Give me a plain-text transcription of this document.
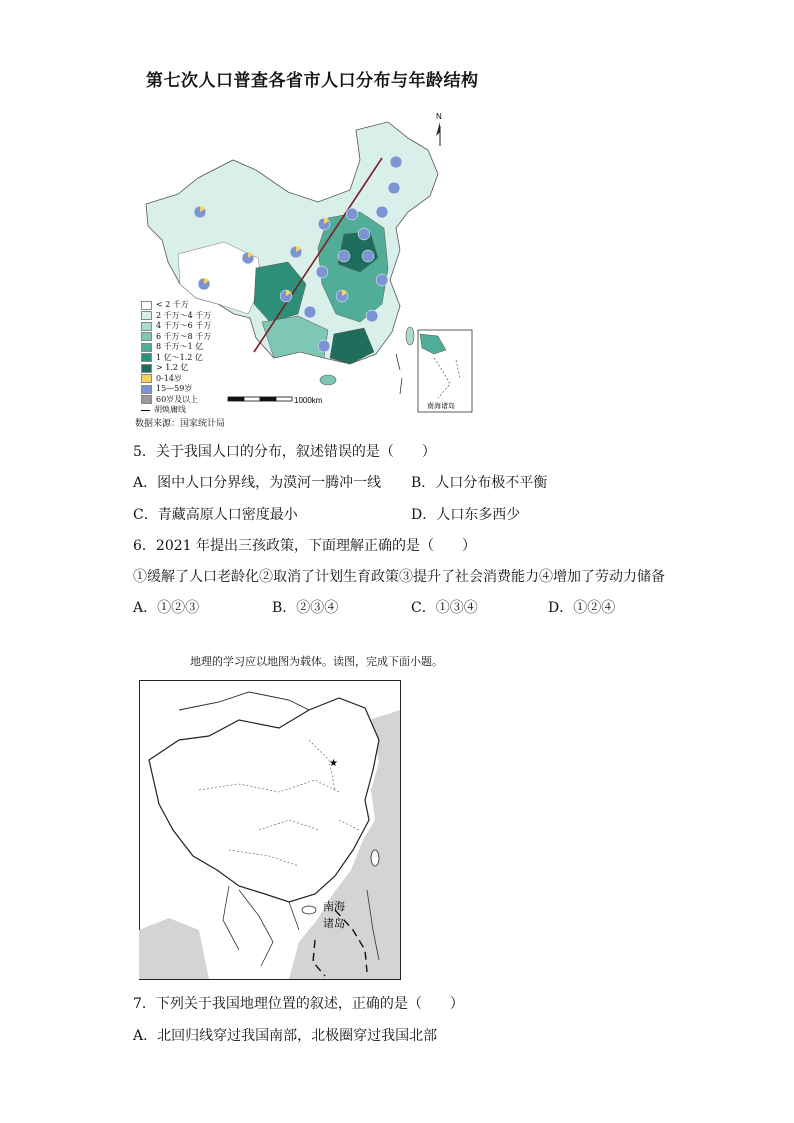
第七次人口普查各省市人口分布与年龄结构
N
1000km
南海诸岛
< 2 千万
2 千万～4 千万
4 千万～6 千万
6 千万～8 千万
8 千万～1 亿
1 亿～1.2 亿
> 1.2 亿
0-14岁
15—59岁
60岁及以上
胡焕庸线
数据来源：国家统计局
5．关于我国人口的分布，叙述错误的是（　　）
A．图中人口分界线，为漠河一腾冲一线 B．人口分布极不平衡
C．青藏高原人口密度最小	D．人口东多西少
6．2021 年提出三孩政策，下面理解正确的是（　　）
①缓解了人口老龄化②取消了计划生育政策③提升了社会消费能力④增加了劳动力储备
A．①②③	B．②③④	C．①③④	D．①②④
地理的学习应以地图为载体。读图，完成下面小题。
★
南海
诸岛
7．下列关于我国地理位置的叙述，正确的是（　　）
A．北回归线穿过我国南部，北极圈穿过我国北部
